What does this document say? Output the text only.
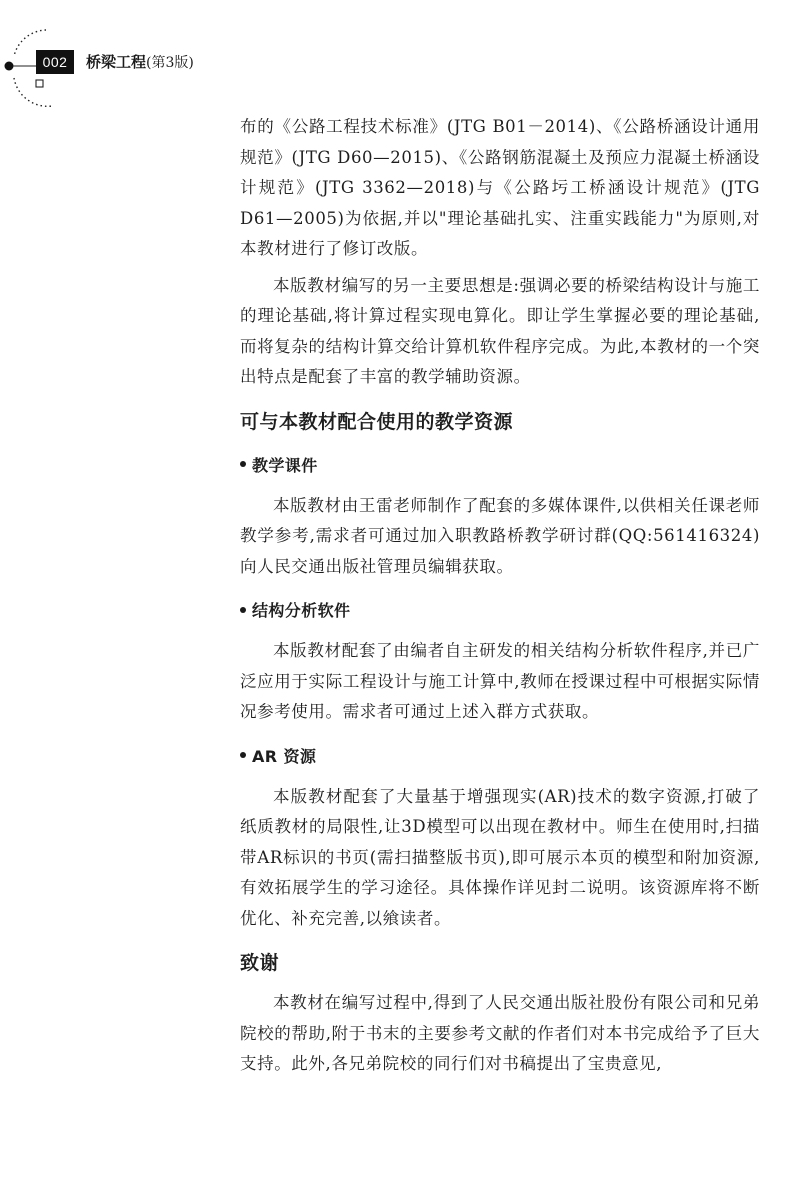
002	桥梁工程(第3版)

布的《公路工程技术标准》(JTG B01－2014)、《公路桥涵设计通用规范》(JTG D60—2015)、《公路钢筋混凝土及预应力混凝土桥涵设计规范》(JTG 3362—2018)与《公路圬工桥涵设计规范》(JTG D61—2005)为依据,并以"理论基础扎实、注重实践能力"为原则,对本教材进行了修订改版。

本版教材编写的另一主要思想是:强调必要的桥梁结构设计与施工的理论基础,将计算过程实现电算化。即让学生掌握必要的理论基础,而将复杂的结构计算交给计算机软件程序完成。为此,本教材的一个突出特点是配套了丰富的教学辅助资源。

可与本教材配合使用的教学资源
教学课件

本版教材由王雷老师制作了配套的多媒体课件,以供相关任课老师教学参考,需求者可通过加入职教路桥教学研讨群(QQ:561416324)向人民交通出版社管理员编辑获取。

结构分析软件

本版教材配套了由编者自主研发的相关结构分析软件程序,并已广泛应用于实际工程设计与施工计算中,教师在授课过程中可根据实际情况参考使用。需求者可通过上述入群方式获取。

AR 资源

本版教材配套了大量基于增强现实(AR)技术的数字资源,打破了纸质教材的局限性,让3D模型可以出现在教材中。师生在使用时,扫描带AR标识的书页(需扫描整版书页),即可展示本页的模型和附加资源,有效拓展学生的学习途径。具体操作详见封二说明。该资源库将不断优化、补充完善,以飨读者。

致谢

本教材在编写过程中,得到了人民交通出版社股份有限公司和兄弟院校的帮助,附于书末的主要参考文献的作者们对本书完成给予了巨大支持。此外,各兄弟院校的同行们对书稿提出了宝贵意见,
